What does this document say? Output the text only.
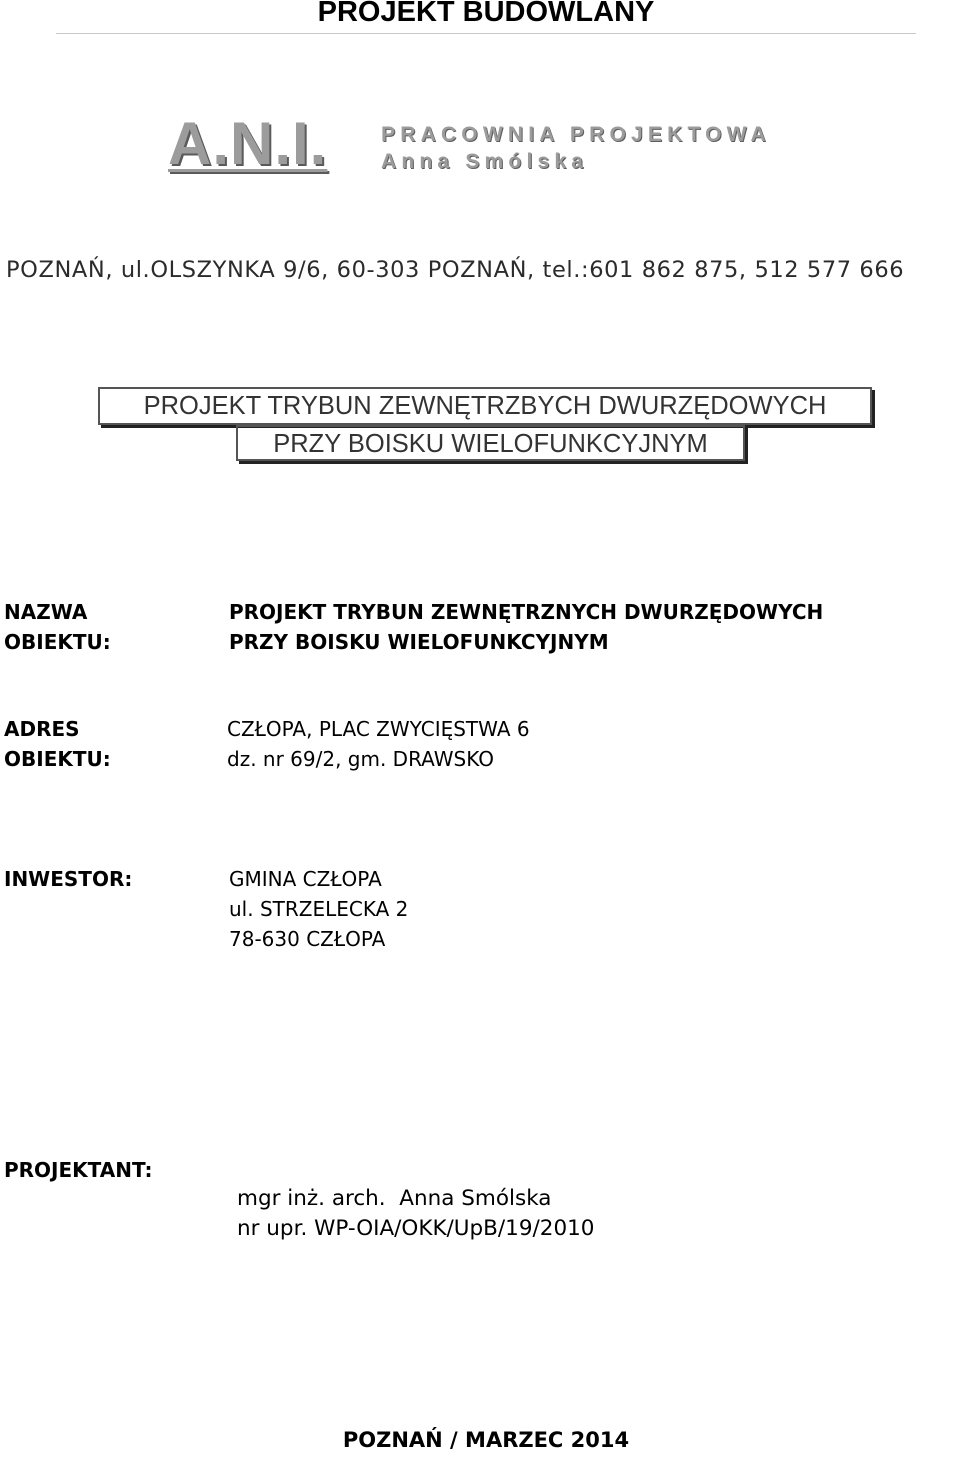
PROJEKT BUDOWLANY
A.N.I.	PRACOWNIA PROJEKTOWA
Anna Smólska
POZNAŃ, ul.OLSZYNKA 9/6, 60-303 POZNAŃ, tel.:601 862 875, 512 577 666
PROJEKT TRYBUN ZEWNĘTRZBYCH DWURZĘDOWYCH
PRZY BOISKU WIELOFUNKCYJNYM
NAZWA
OBIEKTU:
PROJEKT TRYBUN ZEWNĘTRZNYCH DWURZĘDOWYCH
PRZY BOISKU WIELOFUNKCYJNYM
ADRES
OBIEKTU:
CZŁOPA, PLAC ZWYCIĘSTWA 6
dz. nr 69/2, gm. DRAWSKO
INWESTOR:	GMINA CZŁOPA
ul. STRZELECKA 2
78-630 CZŁOPA
PROJEKTANT:
mgr inż. arch.  Anna Smólska
nr upr. WP-OIA/OKK/UpB/19/2010
POZNAŃ / MARZEC 2014
